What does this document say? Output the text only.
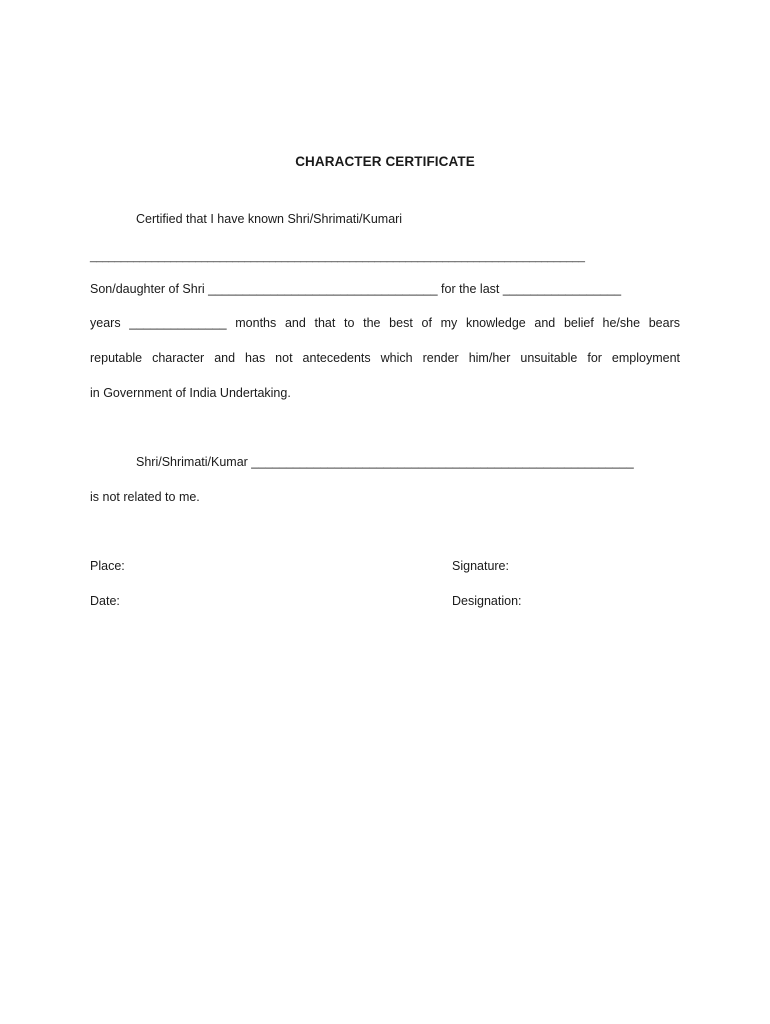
CHARACTER CERTIFICATE
Certified that I have known Shri/Shrimati/Kumari
________________________________________________________________________________
Son/daughter of Shri _________________________________ for the last _________________
years ______________ months and that to the best of my knowledge and belief he/she bears
reputable character and has not antecedents which render him/her unsuitable for employment
in Government of India Undertaking.
Shri/Shrimati/Kumar _______________________________________________________
is not related to me.
Place:
Date:
Signature:
Designation:
